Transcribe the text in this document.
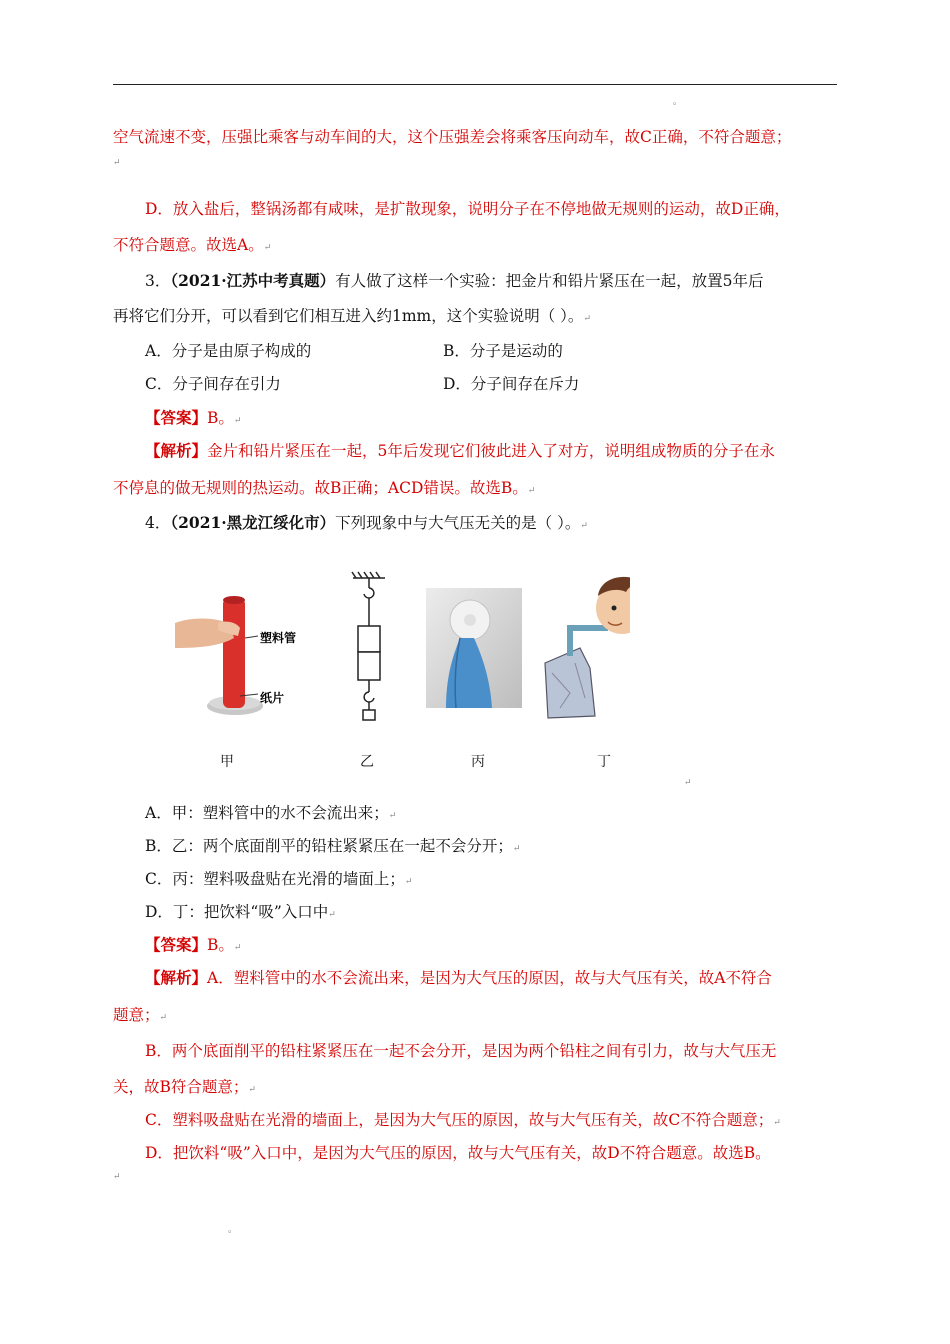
。
空气流速不变，压强比乘客与动车间的大，这个压强差会将乘客压向动车，故C正确，不符合题意；
↵
D．放入盐后，整锅汤都有咸味，是扩散现象，说明分子在不停地做无规则的运动，故D正确，
不符合题意。故选A。↵
3．（2021·江苏中考真题）有人做了这样一个实验：把金片和铅片紧压在一起，放置5年后
再将它们分开，可以看到它们相互进入约1mm，这个实验说明（ ）。↵
A．分子是由原子构成的	B．分子是运动的
C．分子间存在引力	D．分子间存在斥力
【答案】B。↵
【解析】金片和铅片紧压在一起，5年后发现它们彼此进入了对方，说明组成物质的分子在永
不停息的做无规则的热运动。故B正确；ACD错误。故选B。↵
4．（2021·黑龙江绥化市）下列现象中与大气压无关的是（ ）。↵
塑料管
纸片
甲	乙	丙	丁
↵
A．甲：塑料管中的水不会流出来；↵
B．乙：两个底面削平的铅柱紧紧压在一起不会分开；↵
C．丙：塑料吸盘贴在光滑的墙面上；↵
D．丁：把饮料“吸”入口中↵
【答案】B。↵
【解析】A．塑料管中的水不会流出来，是因为大气压的原因，故与大气压有关，故A不符合
题意；↵
B．两个底面削平的铅柱紧紧压在一起不会分开，是因为两个铅柱之间有引力，故与大气压无
关，故B符合题意；↵
C．塑料吸盘贴在光滑的墙面上，是因为大气压的原因，故与大气压有关，故C不符合题意；↵
D．把饮料“吸”入口中，是因为大气压的原因，故与大气压有关，故D不符合题意。故选B。
↵
。
